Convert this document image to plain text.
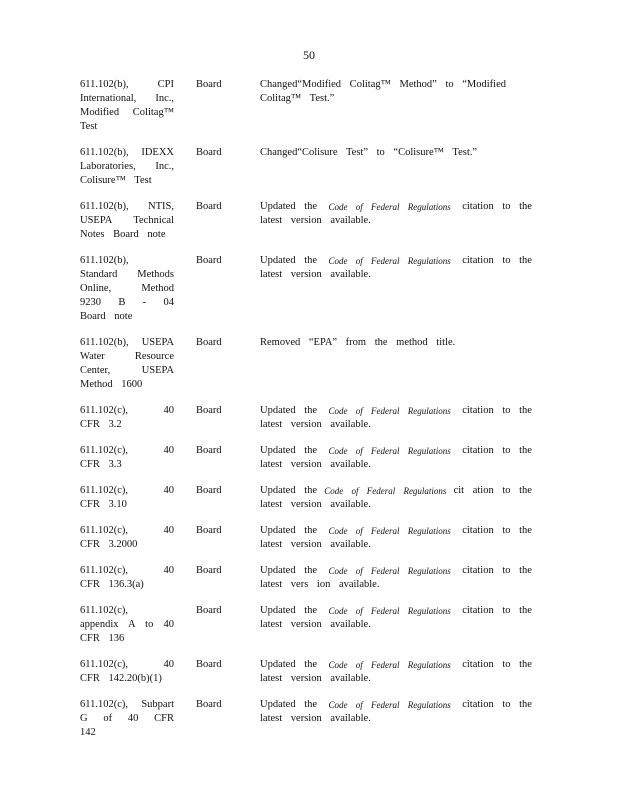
50
611.102(b), CPI International, Inc., Modified Colitag™ Test
Board	Changed“Modified Colitag™ Method” to “Modified Colitag™ Test.”
611.102(b), IDEXX Laboratories, Inc., Colisure™ Test
Board	Changed“Colisure Test” to “Colisure™ Test.”
611.102(b), NTIS, USEPA Technical Notes Board note
Board	Updated the Code of Federal Regulations citation to the
latest version available.
611.102(b), Standard Methods Online, Method 9230 B - 04 Board note
Board	Updated the Code of Federal Regulations citation to the
latest version available.
611.102(b), USEPA Water Resource Center, USEPA Method 1600
Board	Removed “EPA” from the method title.
611.102(c), 40 CFR 3.2
Board	Updated the Code of Federal Regulations citation to the
latest version available.
611.102(c), 40 CFR 3.3
Board	Updated the Code of Federal Regulations citation to the
latest version available.
611.102(c), 40 CFR 3.10
Board	Updated the Code of Federal Regulations cit ation to the
latest version available.
611.102(c), 40 CFR 3.2000
Board	Updated the Code of Federal Regulations citation to the
latest version available.
611.102(c), 40 CFR 136.3(a)
Board	Updated the Code of Federal Regulations citation to the
latest vers ion available.
611.102(c), appendix A to 40 CFR 136
Board	Updated the Code of Federal Regulations citation to the
latest version available.
611.102(c), 40 CFR 142.20(b)(1)
Board	Updated the Code of Federal Regulations citation to the
latest version available.
611.102(c), Subpart G of 40 CFR 142
Board	Updated the Code of Federal Regulations citation to the
latest version available.
